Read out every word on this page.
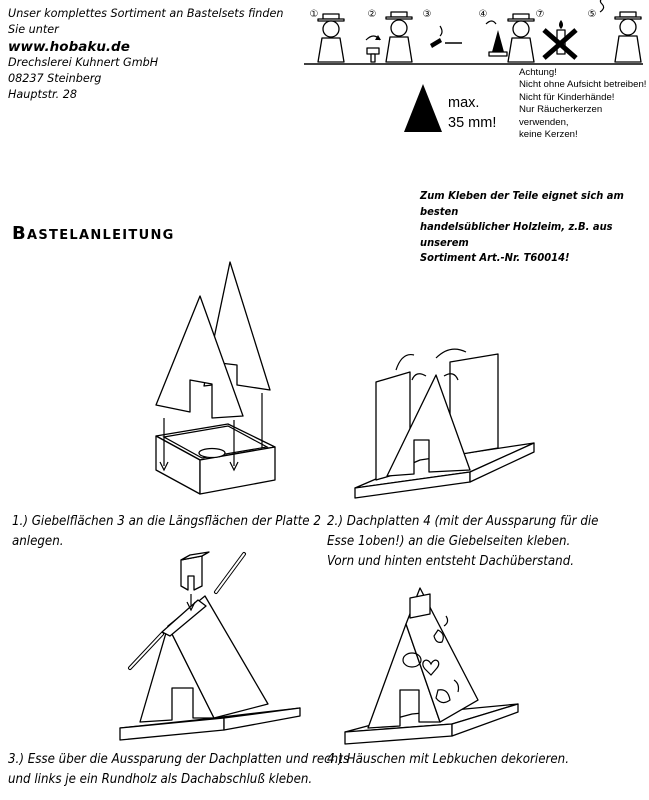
Unser komplettes Sortiment an Bastelsets finden Sie unter
www.hobaku.de
Drechslerei Kuhnert GmbH
08237 Steinberg
Hauptstr. 28
①	②	③	④	⑦	⑤
Achtung!
Nicht ohne Aufsicht betreiben!
Nicht für Kinderhände!
Nur Räucherkerzen verwenden,
keine Kerzen!
max.
35 mm!
Zum Kleben der Teile eignet sich am besten
handelsüblicher Holzleim, z.B. aus unserem
Sortiment Art.-Nr. T60014!
Bastelanleitung
1.) Giebelflächen 3 an die Längsflächen der Platte 2
anlegen.
2.) Dachplatten 4 (mit der Aussparung für die
Esse 1oben!) an die Giebelseiten kleben.
Vorn und hinten entsteht Dachüberstand.
3.) Esse über die Aussparung der Dachplatten und rechts
und links je ein Rundholz als Dachabschluß kleben.
4.) Häuschen mit Lebkuchen dekorieren.
